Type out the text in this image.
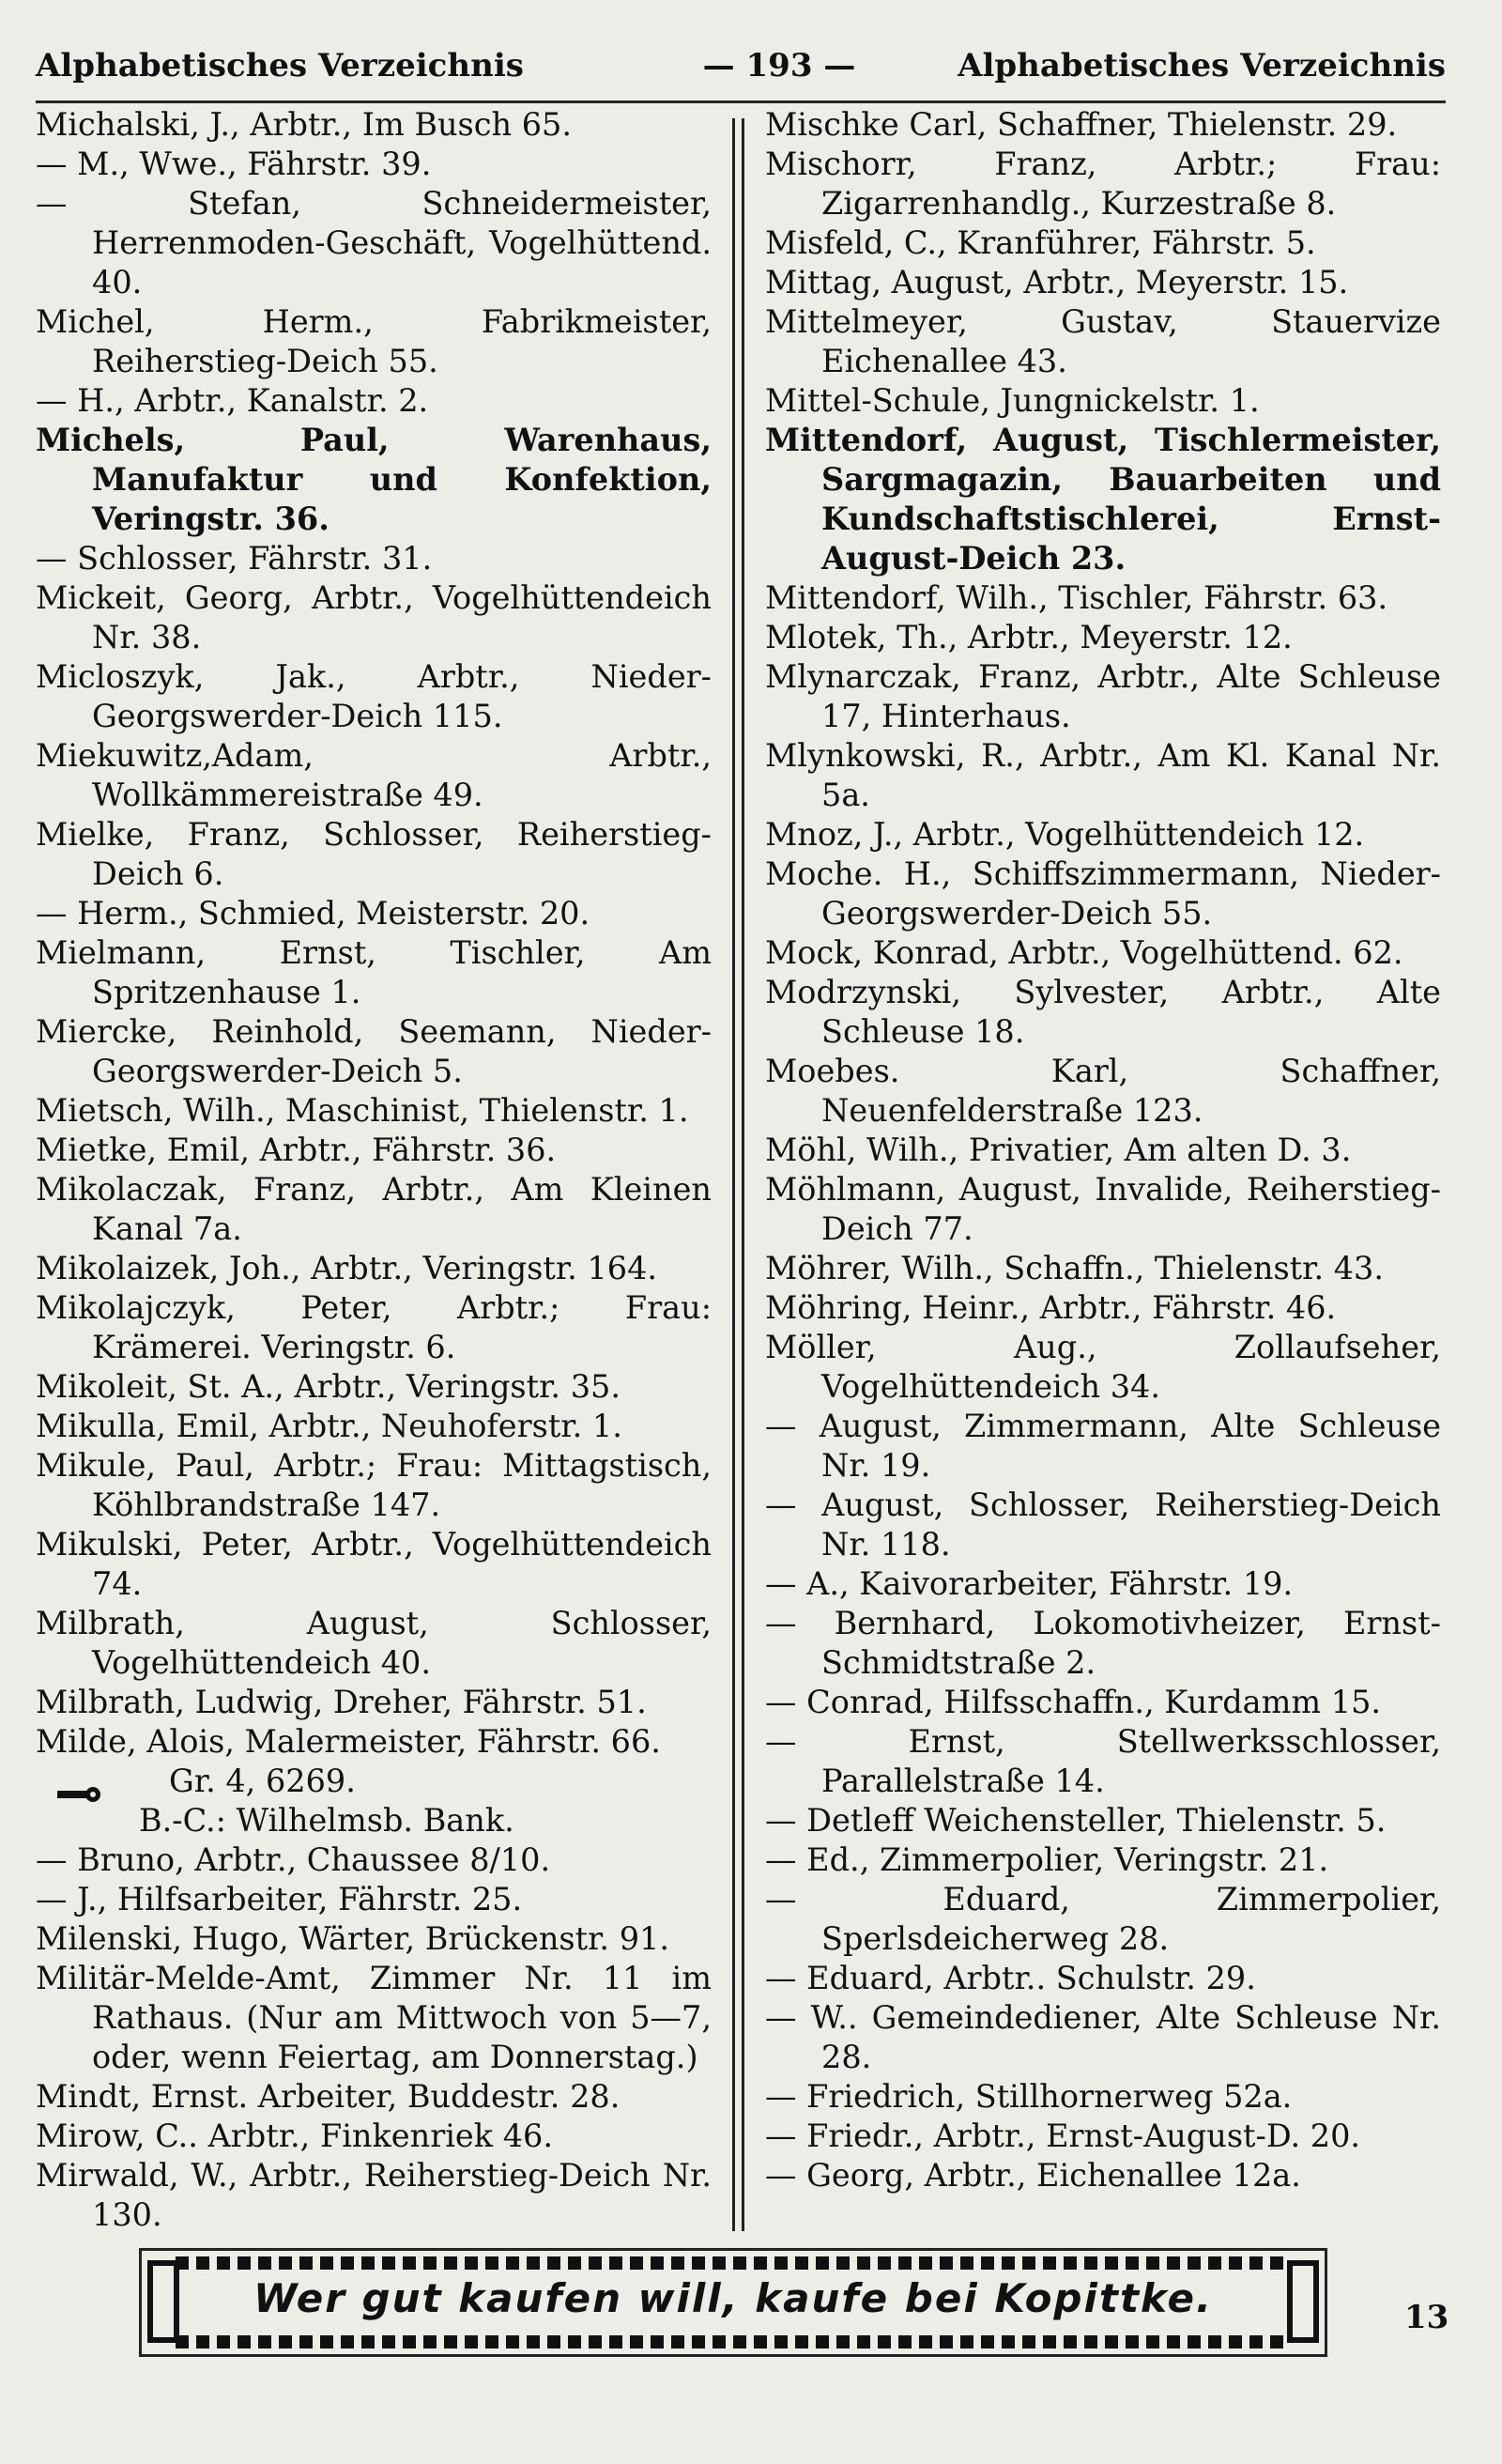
Alphabetisches Verzeichnis	— 193 —	Alphabetisches Verzeichnis

Michalski, J., Arbtr., Im Busch 65.

— M., Wwe., Fährstr. 39.

— Stefan, Schneidermeister, Herrenmoden-Geschäft, Vogelhüttend. 40.

Michel, Herm., Fabrikmeister, Reiherstieg-Deich 55.

— H., Arbtr., Kanalstr. 2.

Michels, Paul, Warenhaus, Manufaktur und Konfektion, Veringstr. 36.

— Schlosser, Fährstr. 31.

Mickeit, Georg, Arbtr., Vogelhüttendeich Nr. 38.

Micloszyk, Jak., Arbtr., Nieder-Georgswerder-Deich 115.

Miekuwitz,Adam, Arbtr., Wollkämmereistraße 49.

Mielke, Franz, Schlosser, Reiherstieg-Deich 6.

— Herm., Schmied, Meisterstr. 20.

Mielmann, Ernst, Tischler, Am Spritzenhause 1.

Miercke, Reinhold, Seemann, Nieder-Georgswerder-Deich 5.

Mietsch, Wilh., Maschinist, Thielenstr. 1.

Mietke, Emil, Arbtr., Fährstr. 36.

Mikolaczak, Franz, Arbtr., Am Kleinen Kanal 7a.

Mikolaizek, Joh., Arbtr., Veringstr. 164.

Mikolajczyk, Peter, Arbtr.; Frau: Krämerei. Veringstr. 6.

Mikoleit, St. A., Arbtr., Veringstr. 35.

Mikulla, Emil, Arbtr., Neuhoferstr. 1.

Mikule, Paul, Arbtr.; Frau: Mittagstisch, Köhlbrandstraße 147.

Mikulski, Peter, Arbtr., Vogelhüttendeich 74.

Milbrath, August, Schlosser, Vogelhüttendeich 40.

Milbrath, Ludwig, Dreher, Fährstr. 51.

Milde, Alois, Malermeister, Fährstr. 66.
Gr. 4, 6269.

B.-C.: Wilhelmsb. Bank.

— Bruno, Arbtr., Chaussee 8/10.

— J., Hilfsarbeiter, Fährstr. 25.

Milenski, Hugo, Wärter, Brückenstr. 91.

Militär-Melde-Amt, Zimmer Nr. 11 im Rathaus. (Nur am Mittwoch von 5—7, oder, wenn Feiertag, am Donnerstag.)

Mindt, Ernst. Arbeiter, Buddestr. 28.

Mirow, C.. Arbtr., Finkenriek 46.

Mirwald, W., Arbtr., Reiherstieg-Deich Nr. 130.

Mischke Carl, Schaffner, Thielenstr. 29.

Mischorr, Franz, Arbtr.; Frau: Zigarrenhandlg., Kurzestraße 8.

Misfeld, C., Kranführer, Fährstr. 5.

Mittag, August, Arbtr., Meyerstr. 15.

Mittelmeyer, Gustav, Stauervize Eichenallee 43.

Mittel-Schule, Jungnickelstr. 1.

Mittendorf, August, Tischlermeister, Sargmagazin, Bauarbeiten und Kundschaftstischlerei, Ernst-August-Deich 23.

Mittendorf, Wilh., Tischler, Fährstr. 63.

Mlotek, Th., Arbtr., Meyerstr. 12.

Mlynarczak, Franz, Arbtr., Alte Schleuse 17, Hinterhaus.

Mlynkowski, R., Arbtr., Am Kl. Kanal Nr. 5a.

Mnoz, J., Arbtr., Vogelhüttendeich 12.

Moche. H., Schiffszimmermann, Nieder-Georgswerder-Deich 55.

Mock, Konrad, Arbtr., Vogelhüttend. 62.

Modrzynski, Sylvester, Arbtr., Alte Schleuse 18.

Moebes. Karl, Schaffner, Neuenfelderstraße 123.

Möhl, Wilh., Privatier, Am alten D. 3.

Möhlmann, August, Invalide, Reiherstieg-Deich 77.

Möhrer, Wilh., Schaffn., Thielenstr. 43.

Möhring, Heinr., Arbtr., Fährstr. 46.

Möller, Aug., Zollaufseher, Vogelhüttendeich 34.

— August, Zimmermann, Alte Schleuse Nr. 19.

— August, Schlosser, Reiherstieg-Deich Nr. 118.

— A., Kaivorarbeiter, Fährstr. 19.

— Bernhard, Lokomotivheizer, Ernst-Schmidtstraße 2.

— Conrad, Hilfsschaffn., Kurdamm 15.

— Ernst, Stellwerksschlosser, Parallelstraße 14.

— Detleff Weichensteller, Thielenstr. 5.

— Ed., Zimmerpolier, Veringstr. 21.

— Eduard, Zimmerpolier, Sperlsdeicherweg 28.

— Eduard, Arbtr.. Schulstr. 29.

— W.. Gemeindediener, Alte Schleuse Nr. 28.

— Friedrich, Stillhornerweg 52a.

— Friedr., Arbtr., Ernst-August-D. 20.

— Georg, Arbtr., Eichenallee 12a.

Wer gut kaufen will, kaufe bei Kopittke.	13
